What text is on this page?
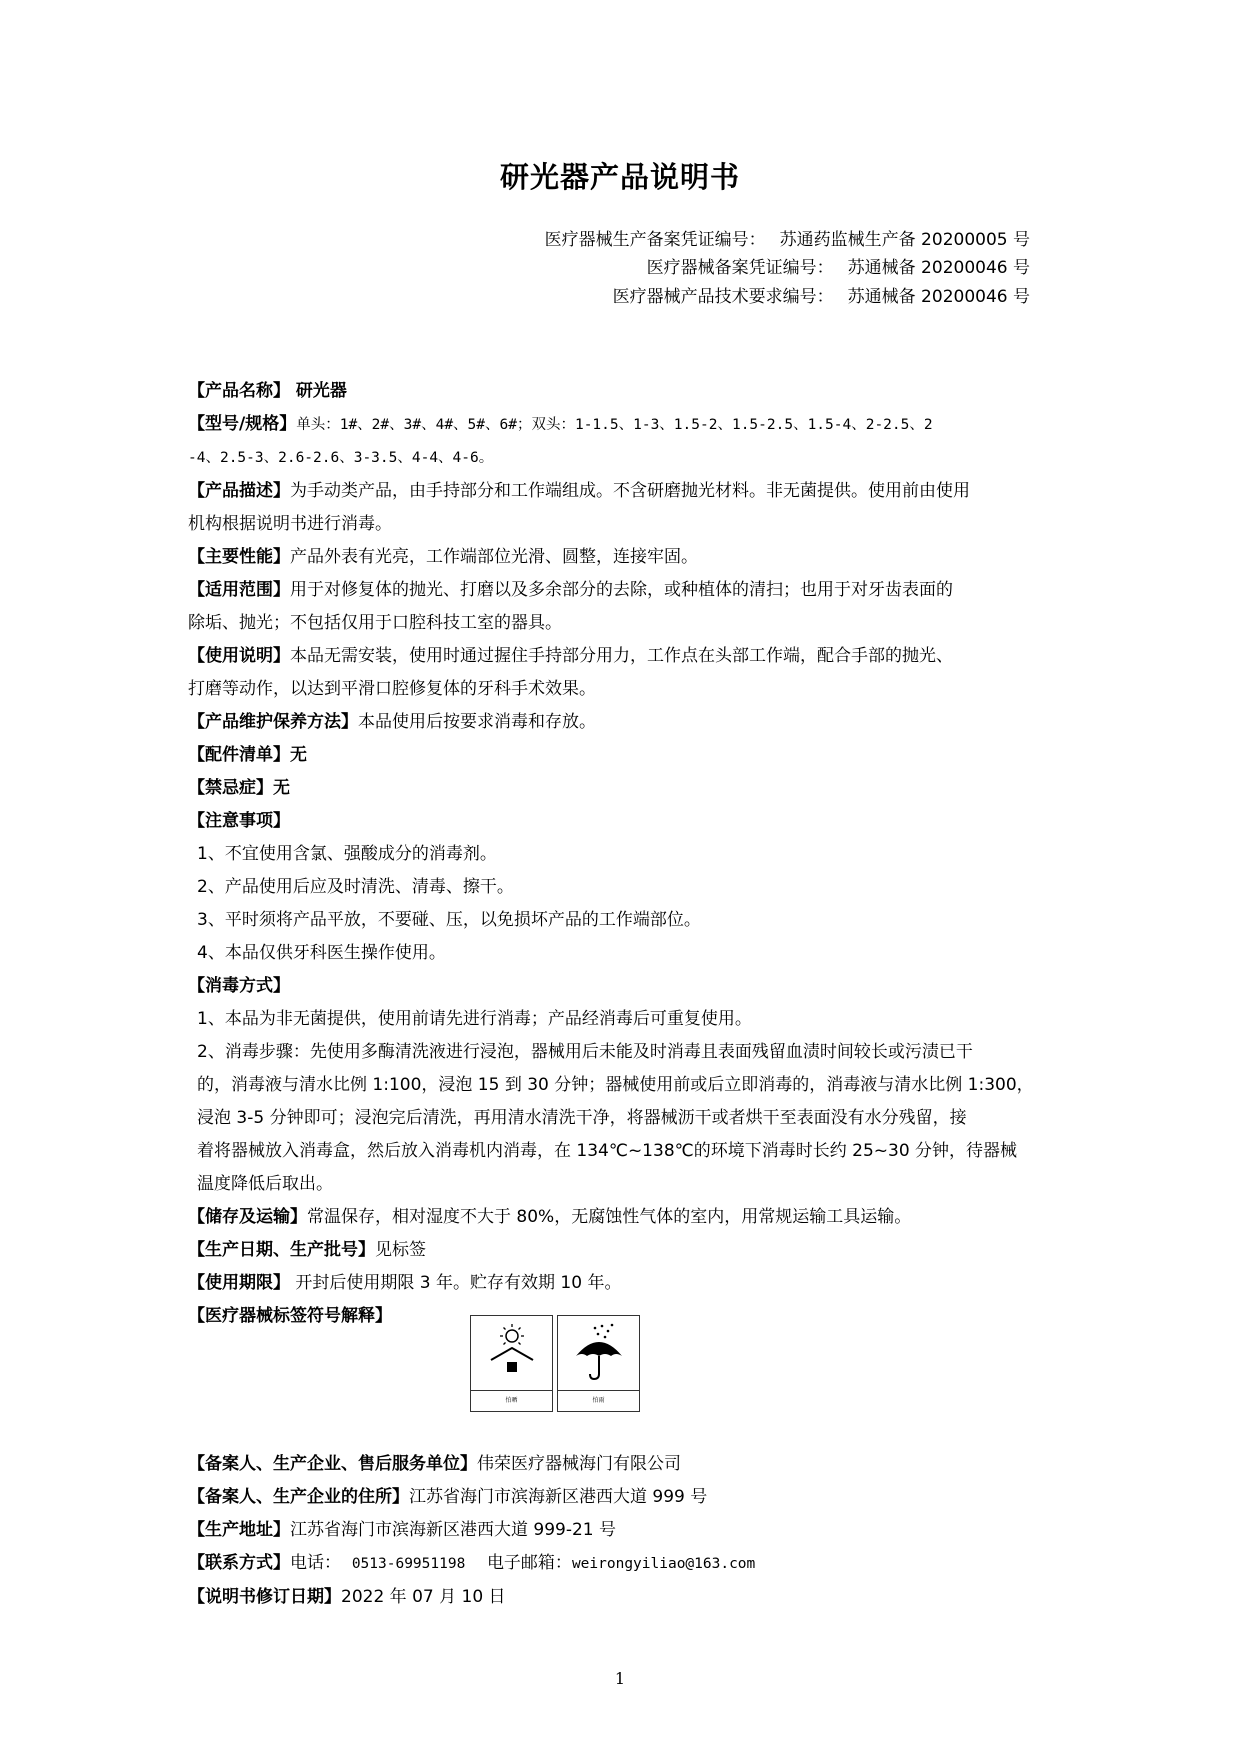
研光器产品说明书
医疗器械生产备案凭证编号： 苏通药监械生产备 20200005 号
医疗器械备案凭证编号： 苏通械备 20200046 号
医疗器械产品技术要求编号： 苏通械备 20200046 号
【产品名称】 研光器
【型号/规格】单头：1#、2#、3#、4#、5#、6#；双头：1-1.5、1-3、1.5-2、1.5-2.5、1.5-4、2-2.5、2
-4、2.5-3、2.6-2.6、3-3.5、4-4、4-6。
【产品描述】为手动类产品，由手持部分和工作端组成。不含研磨抛光材料。非无菌提供。使用前由使用
机构根据说明书进行消毒。
【主要性能】产品外表有光亮，工作端部位光滑、圆整，连接牢固。
【适用范围】用于对修复体的抛光、打磨以及多余部分的去除，或种植体的清扫；也用于对牙齿表面的
除垢、抛光；不包括仅用于口腔科技工室的器具。
【使用说明】本品无需安装，使用时通过握住手持部分用力，工作点在头部工作端，配合手部的抛光、
打磨等动作，以达到平滑口腔修复体的牙科手术效果。
【产品维护保养方法】本品使用后按要求消毒和存放。
【配件清单】无
【禁忌症】无
【注意事项】
1、不宜使用含氯、强酸成分的消毒剂。
2、产品使用后应及时清洗、清毒、擦干。
3、平时须将产品平放，不要碰、压，以免损坏产品的工作端部位。
4、本品仅供牙科医生操作使用。
【消毒方式】
1、本品为非无菌提供，使用前请先进行消毒；产品经消毒后可重复使用。
2、消毒步骤：先使用多酶清洗液进行浸泡，器械用后未能及时消毒且表面残留血渍时间较长或污渍已干
的，消毒液与清水比例 1:100，浸泡 15 到 30 分钟；器械使用前或后立即消毒的，消毒液与清水比例 1:300，
浸泡 3-5 分钟即可；浸泡完后清洗，再用清水清洗干净，将器械沥干或者烘干至表面没有水分残留，接
着将器械放入消毒盒，然后放入消毒机内消毒，在 134℃~138℃的环境下消毒时长约 25~30 分钟，待器械
温度降低后取出。
【储存及运输】常温保存，相对湿度不大于 80%，无腐蚀性气体的室内，用常规运输工具运输。
【生产日期、生产批号】见标签
【使用期限】 开封后使用期限 3 年。贮存有效期 10 年。
【医疗器械标签符号解释】
怕晒	怕雨
【备案人、生产企业、售后服务单位】伟荣医疗器械海门有限公司
【备案人、生产企业的住所】江苏省海门市滨海新区港西大道 999 号
【生产地址】江苏省海门市滨海新区港西大道 999-21 号
【联系方式】电话： 0513-69951198 电子邮箱：weirongyiliao@163.com
【说明书修订日期】2022 年 07 月 10 日
1
